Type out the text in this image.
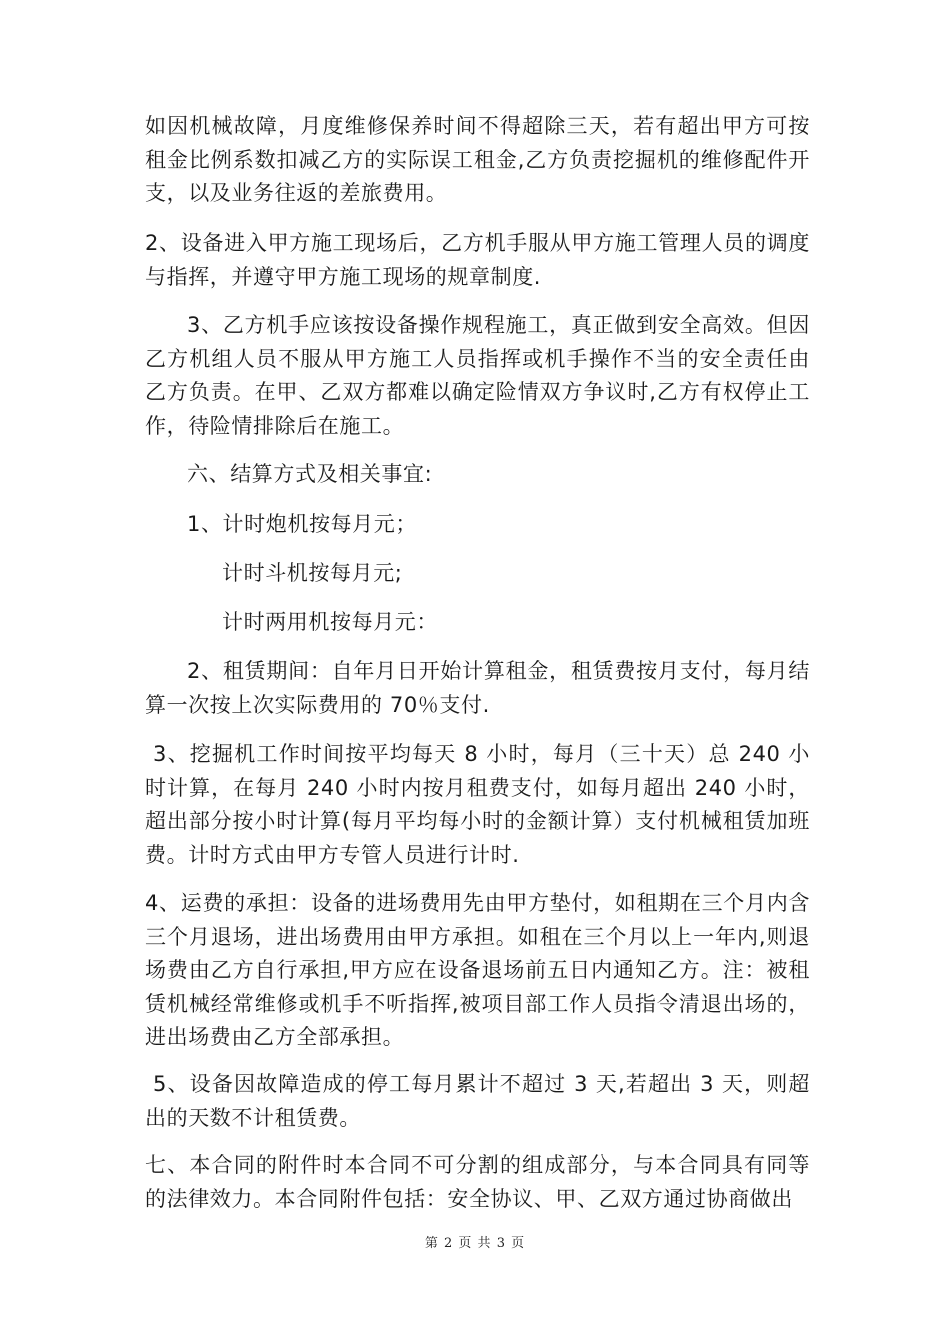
如因机械故障，月度维修保养时间不得超除三天，若有超出甲方可按租金比例系数扣减乙方的实际误工租金,乙方负责挖掘机的维修配件开支，以及业务往返的差旅费用。

2、设备进入甲方施工现场后，乙方机手服从甲方施工管理人员的调度与指挥，并遵守甲方施工现场的规章制度.

3、乙方机手应该按设备操作规程施工，真正做到安全高效。但因乙方机组人员不服从甲方施工人员指挥或机手操作不当的安全责任由乙方负责。在甲、乙双方都难以确定险情双方争议时,乙方有权停止工作，待险情排除后在施工。

六、结算方式及相关事宜:

1、计时炮机按每月元；

计时斗机按每月元;

计时两用机按每月元：

2、租赁期间：自年月日开始计算租金，租赁费按月支付，每月结算一次按上次实际费用的 70％支付.

3、挖掘机工作时间按平均每天 8 小时，每月（三十天）总 240 小时计算，在每月 240 小时内按月租费支付，如每月超出 240 小时，超出部分按小时计算(每月平均每小时的金额计算）支付机械租赁加班费。计时方式由甲方专管人员进行计时.

4、运费的承担：设备的进场费用先由甲方垫付，如租期在三个月内含三个月退场，进出场费用由甲方承担。如租在三个月以上一年内,则退场费由乙方自行承担,甲方应在设备退场前五日内通知乙方。注：被租赁机械经常维修或机手不听指挥,被项目部工作人员指令清退出场的，进出场费由乙方全部承担。

5、设备因故障造成的停工每月累计不超过 3 天,若超出 3 天，则超出的天数不计租赁费。

七、本合同的附件时本合同不可分割的组成部分，与本合同具有同等的法律效力。本合同附件包括：安全协议、甲、乙双方通过协商做出

第 2 页 共 3 页
